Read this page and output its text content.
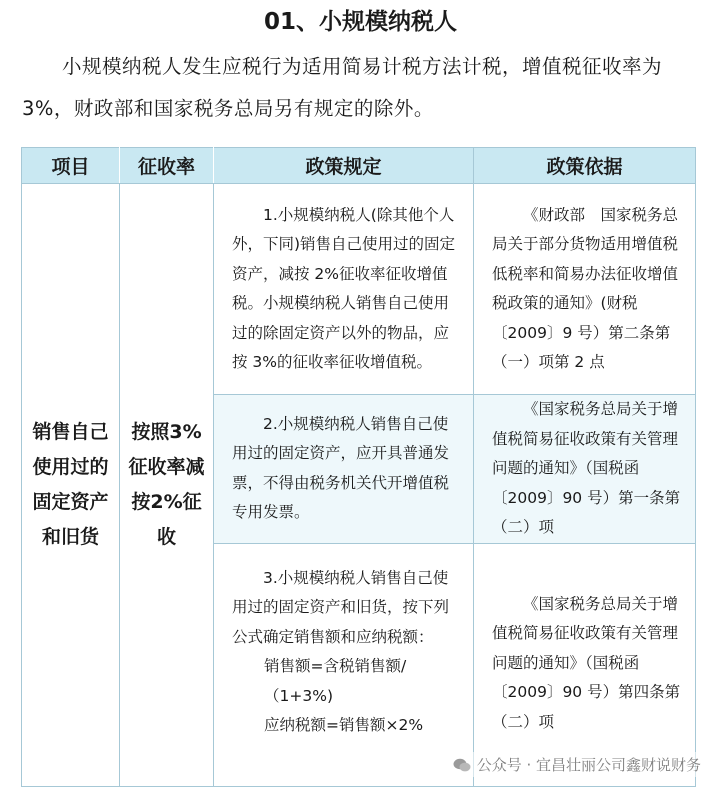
01、小规模纳税人
小规模纳税人发生应税行为适用简易计税方法计税，增值税征收率为3%，财政部和国家税务总局另有规定的除外。
项目	征收率	政策规定	政策依据

销售自己使用过的固定资产和旧货	按照3%征收率减按2%征收	1.小规模纳税人(除其他个人外，下同)销售自己使用过的固定资产，减按 2%征收率征收增值税。小规模纳税人销售自己使用过的除固定资产以外的物品，应按 3%的征收率征收增值税。	《财政部　国家税务总局关于部分货物适用增值税低税率和简易办法征收增值税政策的通知》(财税〔2009〕9 号）第二条第（一）项第 2 点

		2.小规模纳税人销售自己使用过的固定资产，应开具普通发票，不得由税务机关代开增值税专用发票。	《国家税务总局关于增值税简易征收政策有关管理问题的通知》（国税函〔2009〕90 号）第一条第（二）项

		3.小规模纳税人销售自己使用过的固定资产和旧货，按下列公式确定销售额和应纳税额：
销售额=含税销售额/（1+3%)
应纳税额=销售额×2%	《国家税务总局关于增值税简易征收政策有关管理问题的通知》（国税函〔2009〕90 号）第四条第（二）项
公众号 · 宜昌壮丽公司鑫财说财务
